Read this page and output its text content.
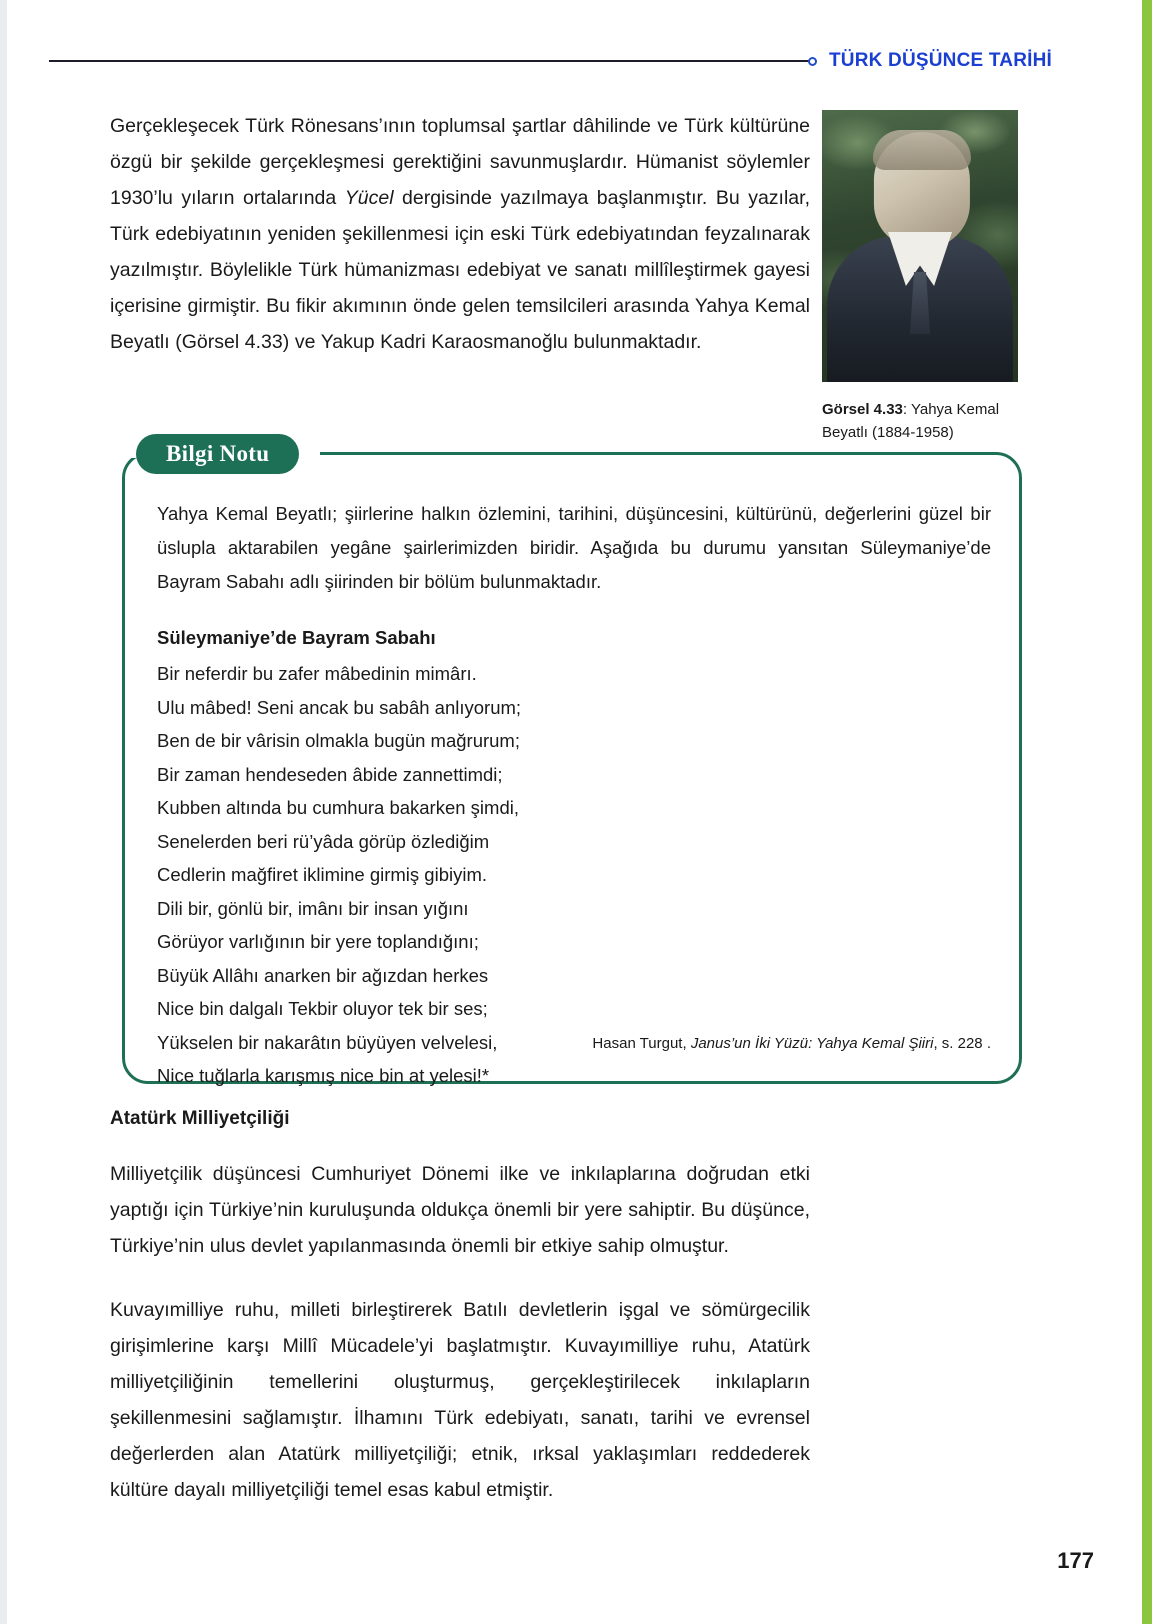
TÜRK DÜŞÜNCE TARİHİ

Gerçekleşecek Türk Rönesans’ının toplumsal şartlar dâhilinde ve Türk kültürüne özgü bir şekilde gerçekleşmesi gerektiğini savunmuşlardır. Hümanist söylemler 1930’lu yıların ortalarında Yücel dergisinde yazılmaya başlanmıştır. Bu yazılar, Türk edebiyatının yeniden şekillenmesi için eski Türk edebiyatından feyzalınarak yazılmıştır. Böylelikle Türk hümanizması edebiyat ve sanatı millîleştirmek gayesi içerisine girmiştir. Bu fikir akımının önde gelen temsilcileri arasında Yahya Kemal Beyatlı (Görsel 4.33) ve Yakup Kadri Karaosmanoğlu bulunmaktadır.

Görsel 4.33: Yahya Kemal Beyatlı (1884-1958)

Yahya Kemal Beyatlı; şiirlerine halkın özlemini, tarihini, düşüncesini, kültürünü, değerlerini güzel bir üslupla aktarabilen yegâne şairlerimizden biridir. Aşağıda bu durumu yansıtan Süleymaniye’de Bayram Sabahı adlı şiirinden bir bölüm bulunmaktadır.

Süleymaniye’de Bayram Sabahı

Bir neferdir bu zafer mâbedinin mimârı.
Ulu mâbed! Seni ancak bu sabâh anlıyorum;
Ben de bir vârisin olmakla bugün mağrurum;
Bir zaman hendeseden âbide zannettimdi;
Kubben altında bu cumhura bakarken şimdi,
Senelerden beri rü’yâda görüp özlediğim
Cedlerin mağfiret iklimine girmiş gibiyim.
Dili bir, gönlü bir, imânı bir insan yığını
Görüyor varlığının bir yere toplandığını;
Büyük Allâhı anarken bir ağızdan herkes
Nice bin dalgalı Tekbir oluyor tek bir ses;
Yükselen bir nakarâtın büyüyen velvelesi,
Nice tuğlarla karışmış nice bin at yelesi!*
Hasan Turgut, Janus’un İki Yüzü: Yahya Kemal Şiiri, s. 228 .
Bilgi Notu
Atatürk Milliyetçiliği

Milliyetçilik düşüncesi Cumhuriyet Dönemi ilke ve inkılaplarına doğrudan etki yaptığı için Türkiye’nin kuruluşunda oldukça önemli bir yere sahiptir. Bu düşünce, Türkiye’nin ulus devlet yapılanmasında önemli bir etkiye sahip olmuştur.

Kuvayımilliye ruhu, milleti birleştirerek Batılı devletlerin işgal ve sömürgecilik girişimlerine karşı Millî Mücadele’yi başlatmıştır. Kuvayımilliye ruhu, Atatürk milliyetçiliğinin temellerini oluşturmuş, gerçekleştirilecek inkılapların şekillenmesini sağlamıştır. İlhamını Türk edebiyatı, sanatı, tarihi ve evrensel değerlerden alan Atatürk milliyetçiliği; etnik, ırksal yaklaşımları reddederek kültüre dayalı milliyetçiliği temel esas kabul etmiştir.

177
